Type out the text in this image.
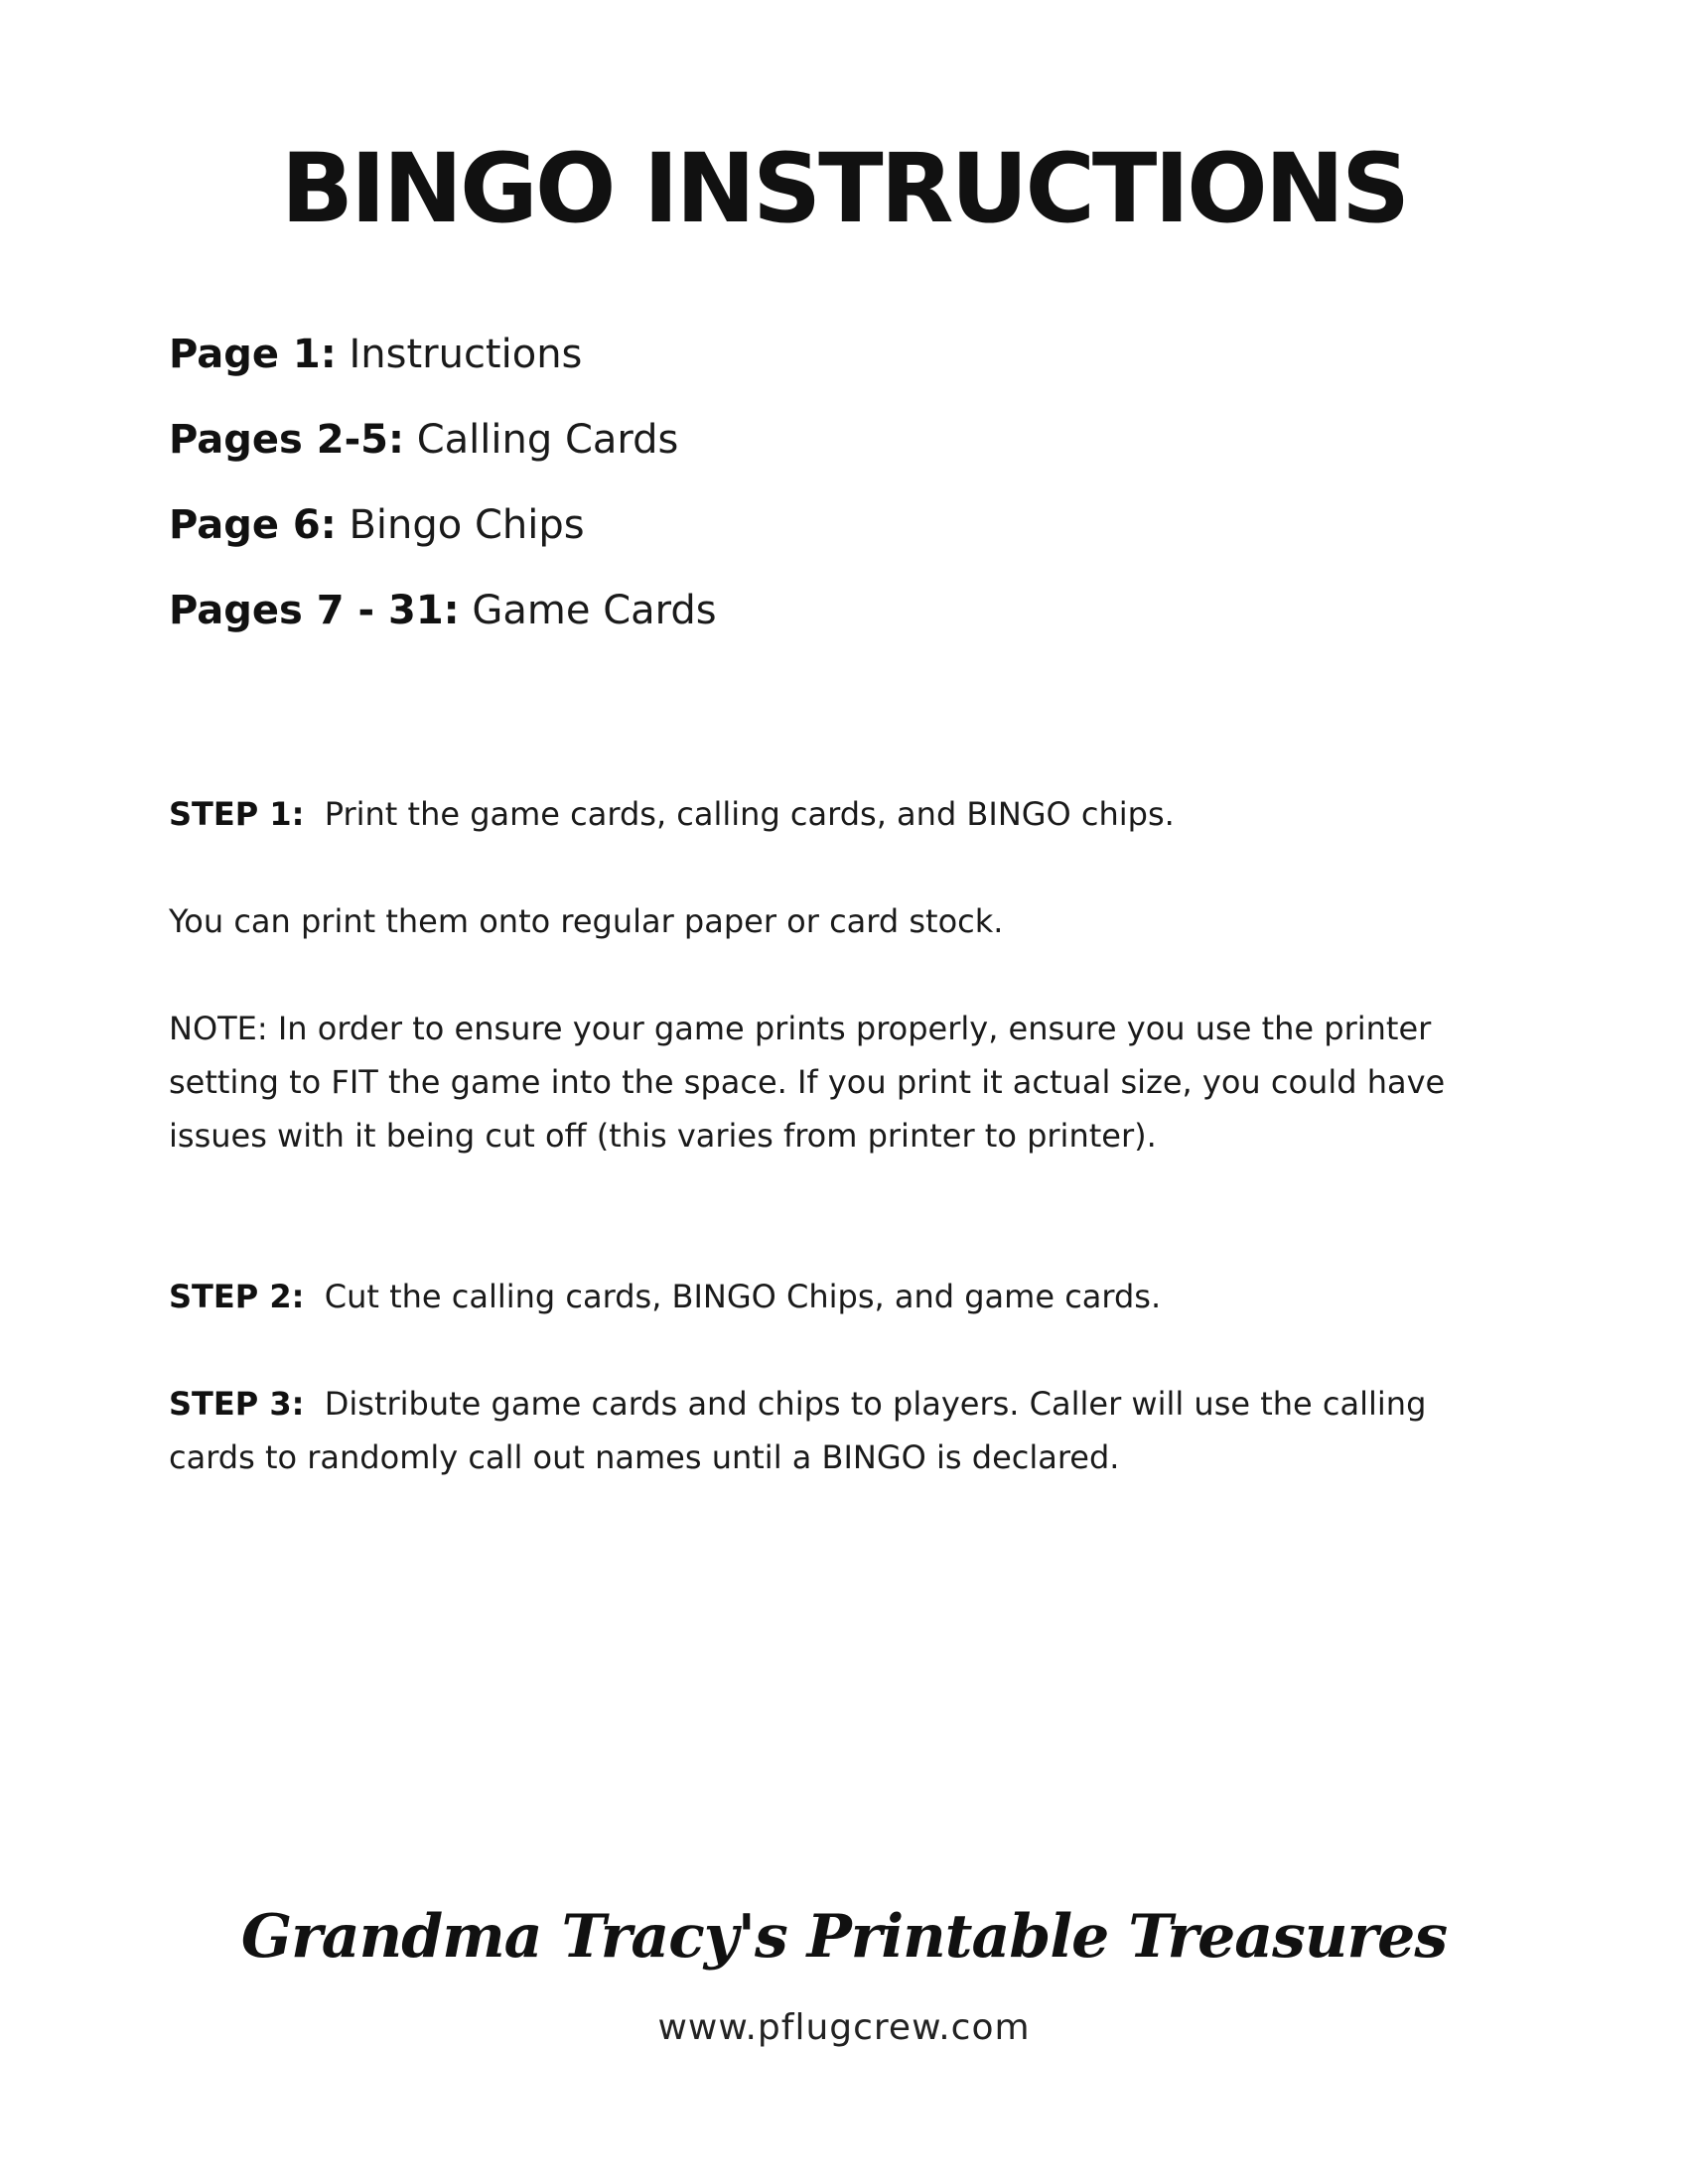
BINGO INSTRUCTIONS
Page 1: Instructions
Pages 2-5: Calling Cards
Page 6: Bingo Chips
Pages 7 - 31: Game Cards

STEP 1: Print the game cards, calling cards, and BINGO chips.

You can print them onto regular paper or card stock.

NOTE: In order to ensure your game prints properly, ensure you use the printer setting to FIT the game into the space. If you print it actual size, you could have issues with it being cut off (this varies from printer to printer).

STEP 2: Cut the calling cards, BINGO Chips, and game cards.

STEP 3: Distribute game cards and chips to players. Caller will use the calling cards to randomly call out names until a BINGO is declared.

Grandma Tracy's Printable Treasures
www.pflugcrew.com
